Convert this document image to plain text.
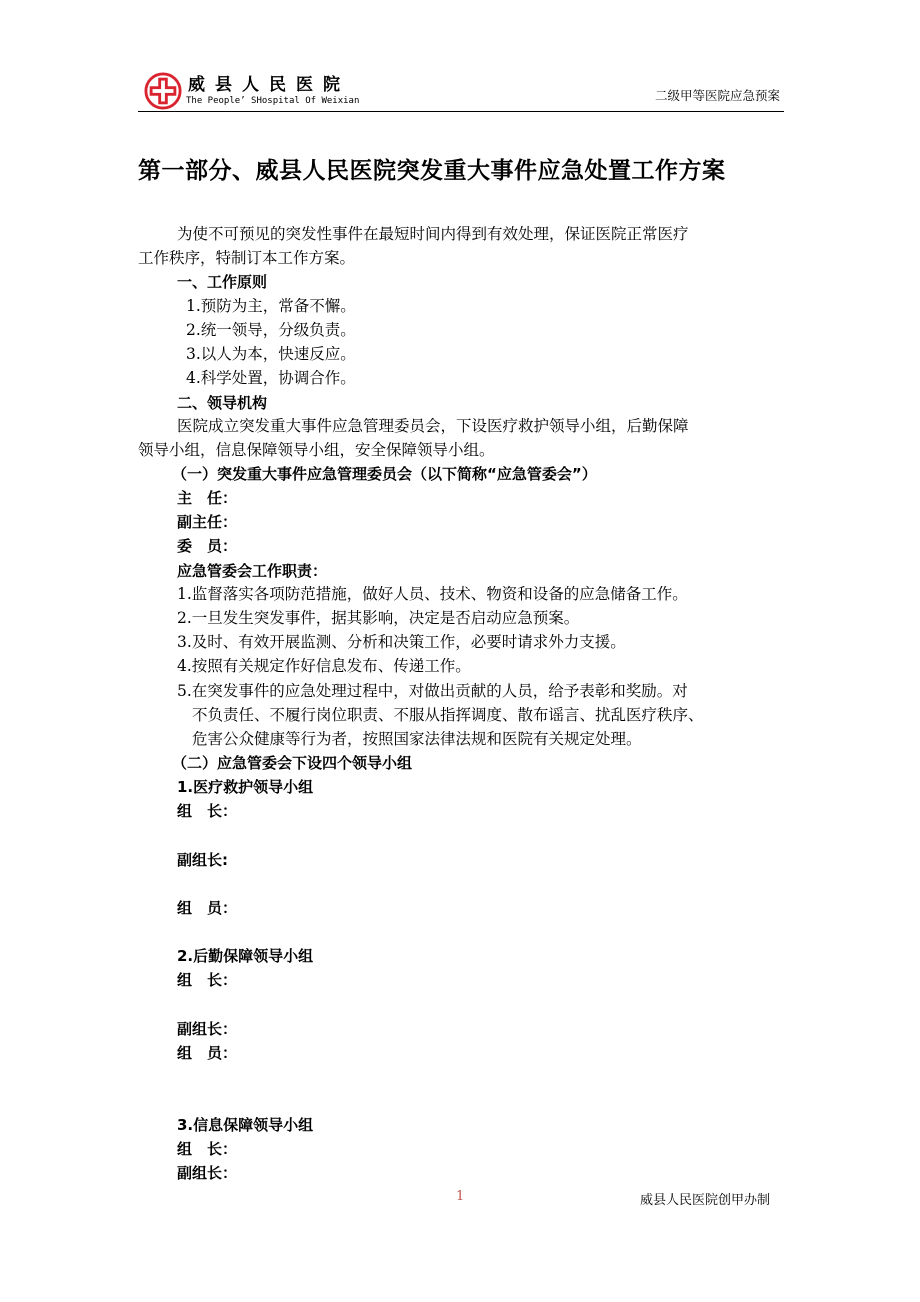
威县人民医院
The People’ SHospital Of Weixian	二级甲等医院应急预案
第一部分、威县人民医院突发重大事件应急处置工作方案
为使不可预见的突发性事件在最短时间内得到有效处理，保证医院正常医疗
工作秩序，特制订本工作方案。
一、工作原则
1.预防为主，常备不懈。
2.统一领导，分级负责。
3.以人为本，快速反应。
4.科学处置，协调合作。
二、领导机构
医院成立突发重大事件应急管理委员会，下设医疗救护领导小组，后勤保障
领导小组，信息保障领导小组，安全保障领导小组。
（一）突发重大事件应急管理委员会（以下简称“应急管委会”）
主　任：
副主任：
委　员：
应急管委会工作职责：
1.监督落实各项防范措施，做好人员、技术、物资和设备的应急储备工作。
2.一旦发生突发事件，据其影响，决定是否启动应急预案。
3.及时、有效开展监测、分析和决策工作，必要时请求外力支援。
4.按照有关规定作好信息发布、传递工作。
5.在突发事件的应急处理过程中，对做出贡献的人员，给予表彰和奖励。对
不负责任、不履行岗位职责、不服从指挥调度、散布谣言、扰乱医疗秩序、
危害公众健康等行为者，按照国家法律法规和医院有关规定处理。
（二）应急管委会下设四个领导小组
1.医疗救护领导小组
组　长：
副组长:
组　员：
2.后勤保障领导小组
组　长：
副组长：
组　员：
3.信息保障领导小组
组　长：
副组长：
1	威县人民医院创甲办制
